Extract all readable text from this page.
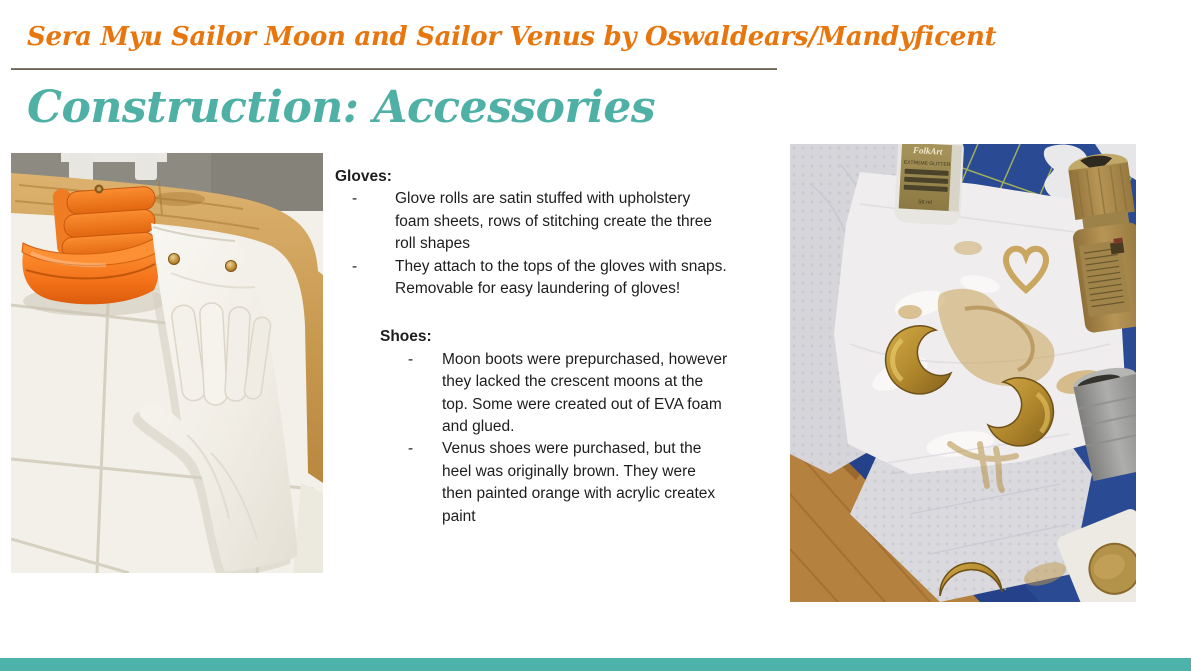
Sera Myu Sailor Moon and Sailor Venus by Oswaldears/Mandyficent
Construction: Accessories
Gloves:
-	Glove rolls are satin stuffed with upholstery foam sheets, rows of stitching create the three roll shapes
-	They attach to the tops of the gloves with snaps. Removable for easy laundering of gloves!
Shoes:
-	Moon boots were prepurchased, however they lacked the crescent moons at the top. Some were created out of EVA foam and glued.
-	Venus shoes were purchased, but the heel was originally brown. They were then painted orange with acrylic createx paint
FolkArt
EXTREME GLITTER
59 ml
